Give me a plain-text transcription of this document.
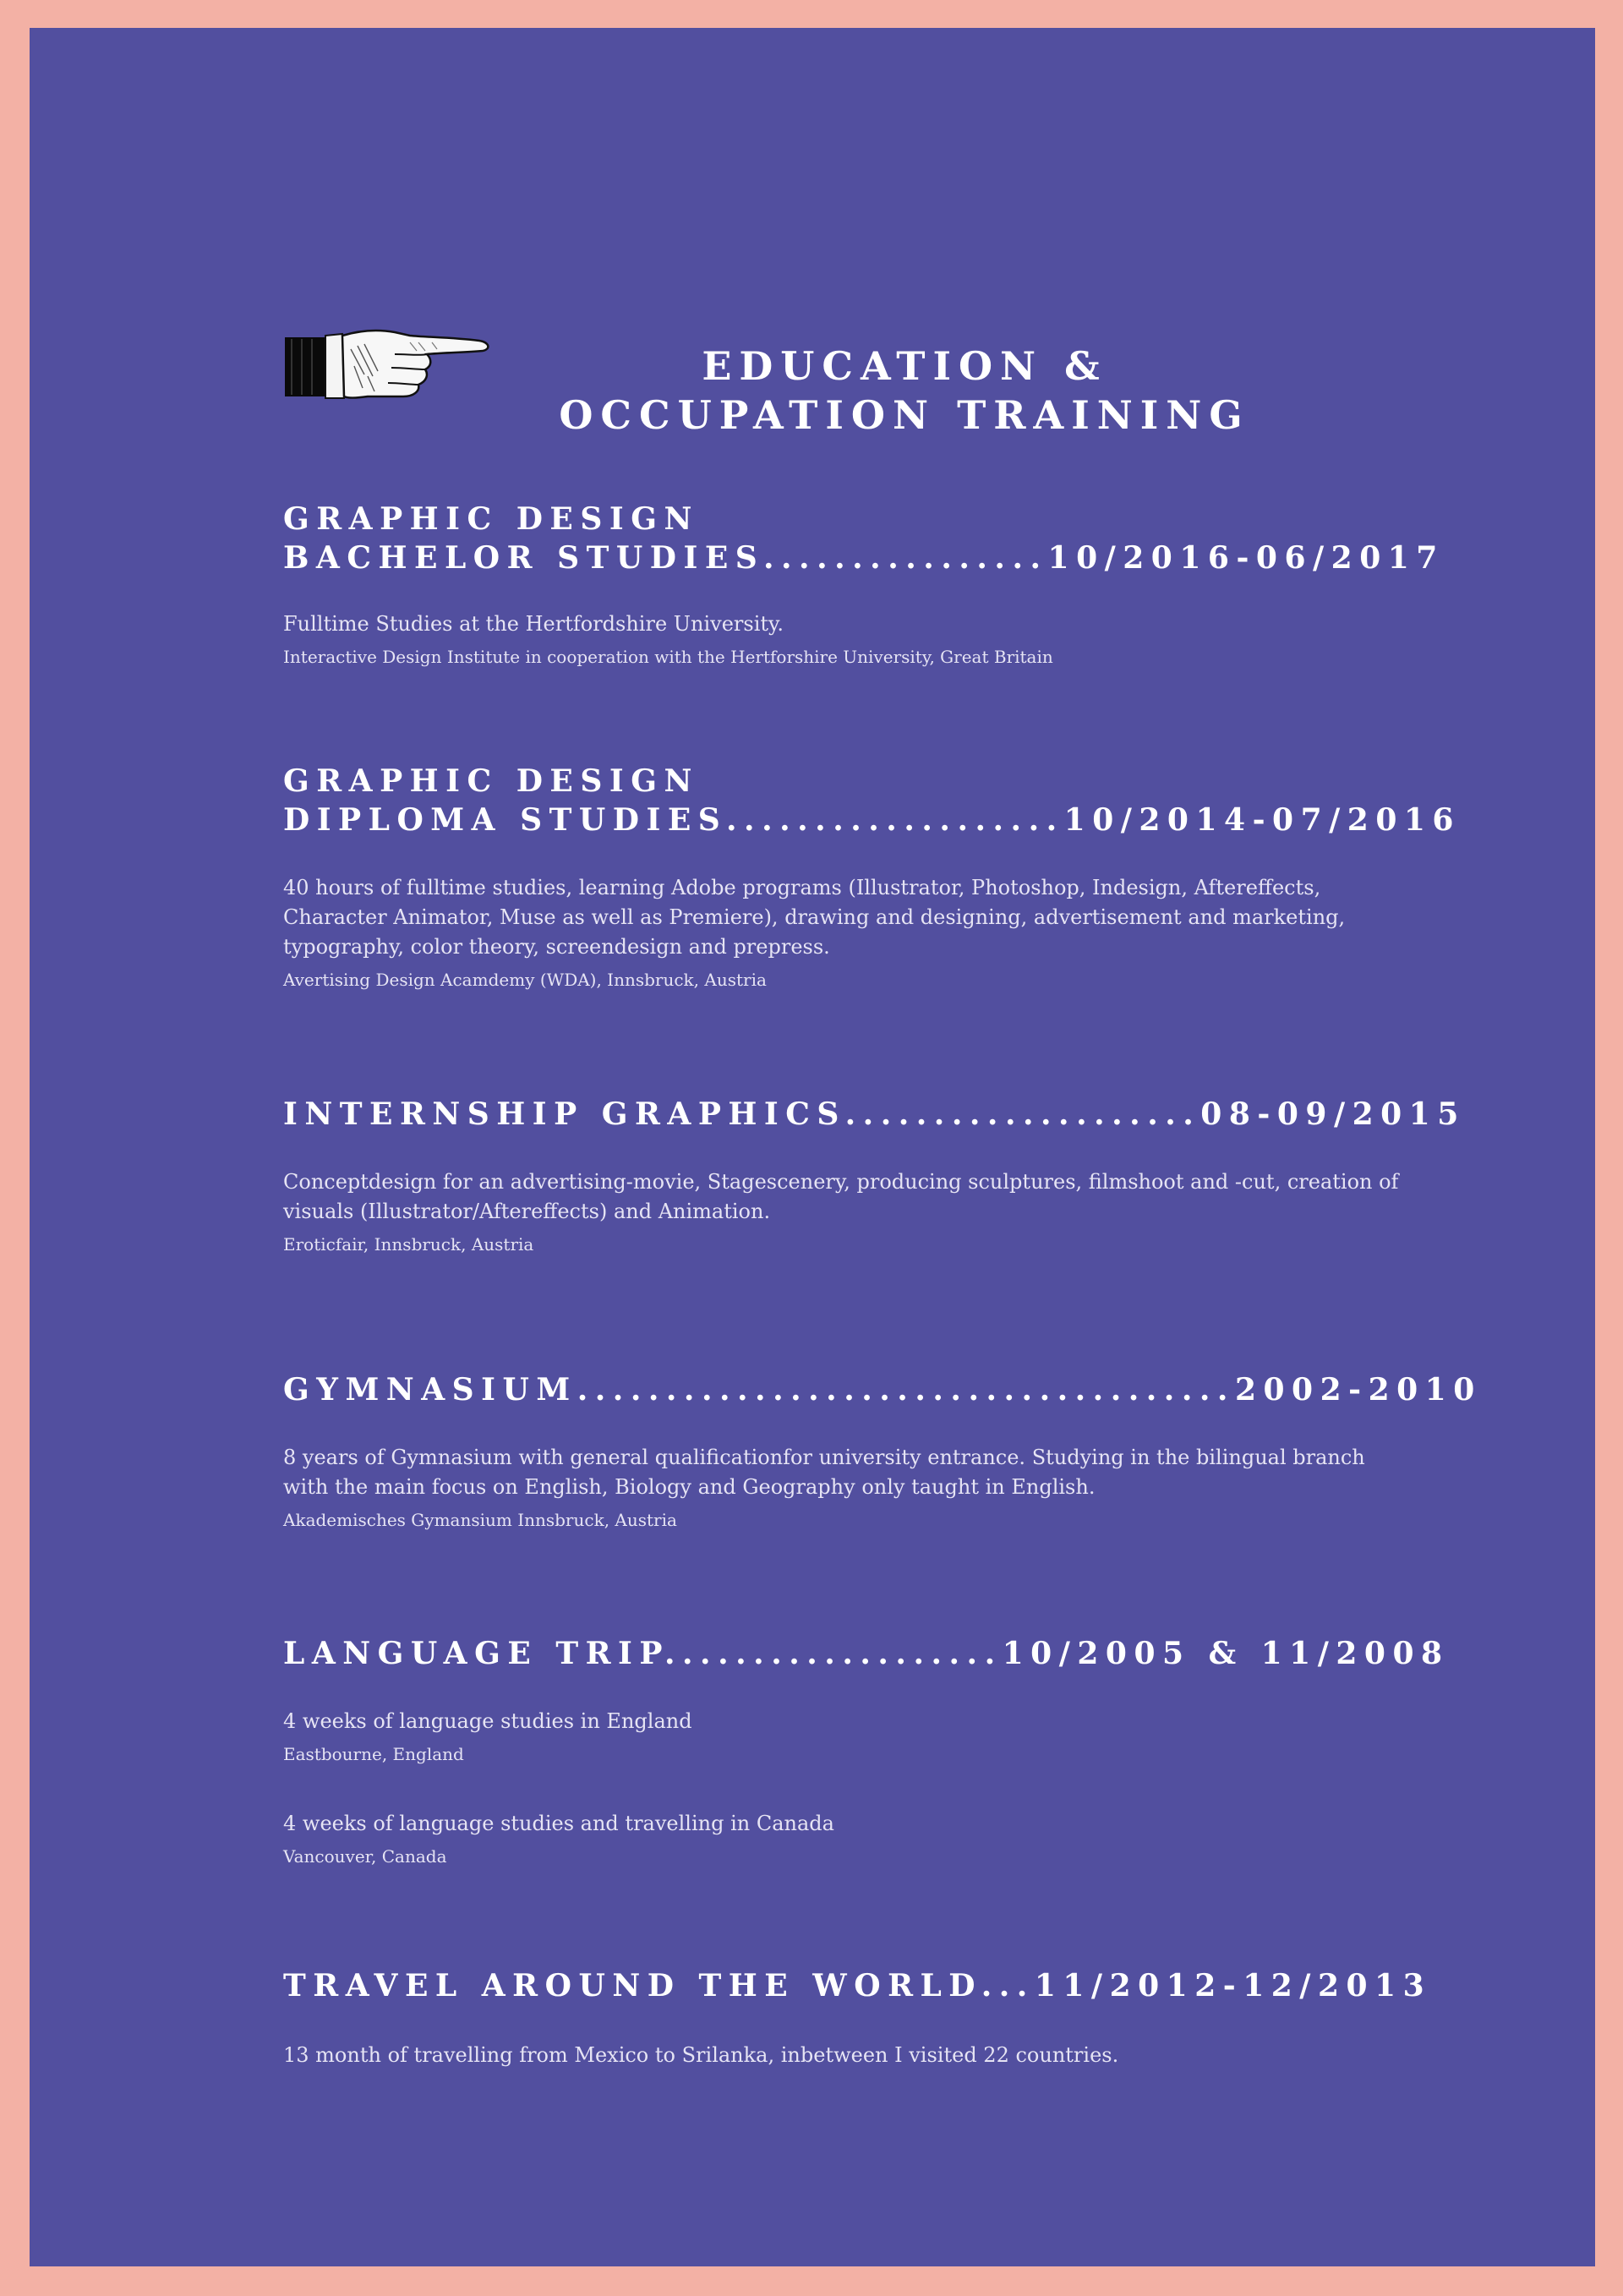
EDUCATION &
OCCUPATION TRAINING
GRAPHIC DESIGN
BACHELOR STUDIES................10/2016-06/2017

Fulltime Studies at the Hertfordshire University.

Interactive Design Institute in cooperation with the Hertforshire University, Great Britain

GRAPHIC DESIGN
DIPLOMA STUDIES...................10/2014-07/2016

40 hours of fulltime studies, learning Adobe programs (Illustrator, Photoshop, Indesign, Aftereffects, Character Animator, Muse as well as Premiere), drawing and designing, advertisement and marketing, typography, color theory, screendesign and prepress.

Avertising Design Acamdemy (WDA), Innsbruck, Austria

INTERNSHIP GRAPHICS....................08-09/2015

Conceptdesign for an advertising-movie, Stagescenery, producing sculptures, filmshoot and -cut, creation of visuals (Illustrator/Aftereffects) and Animation.

Eroticfair, Innsbruck, Austria

GYMNASIUM.....................................2002-2010

8 years of Gymnasium with general qualificationfor university entrance. Studying in the bilingual branch with the main focus on English, Biology and Geography only taught in English.

Akademisches Gymansium Innsbruck, Austria

LANGUAGE TRIP...................10/2005 & 11/2008

4 weeks of language studies in England

Eastbourne, England

4 weeks of language studies and travelling in Canada

Vancouver, Canada

TRAVEL AROUND THE WORLD...11/2012-12/2013

13 month of travelling from Mexico to Srilanka, inbetween I visited 22 countries.
